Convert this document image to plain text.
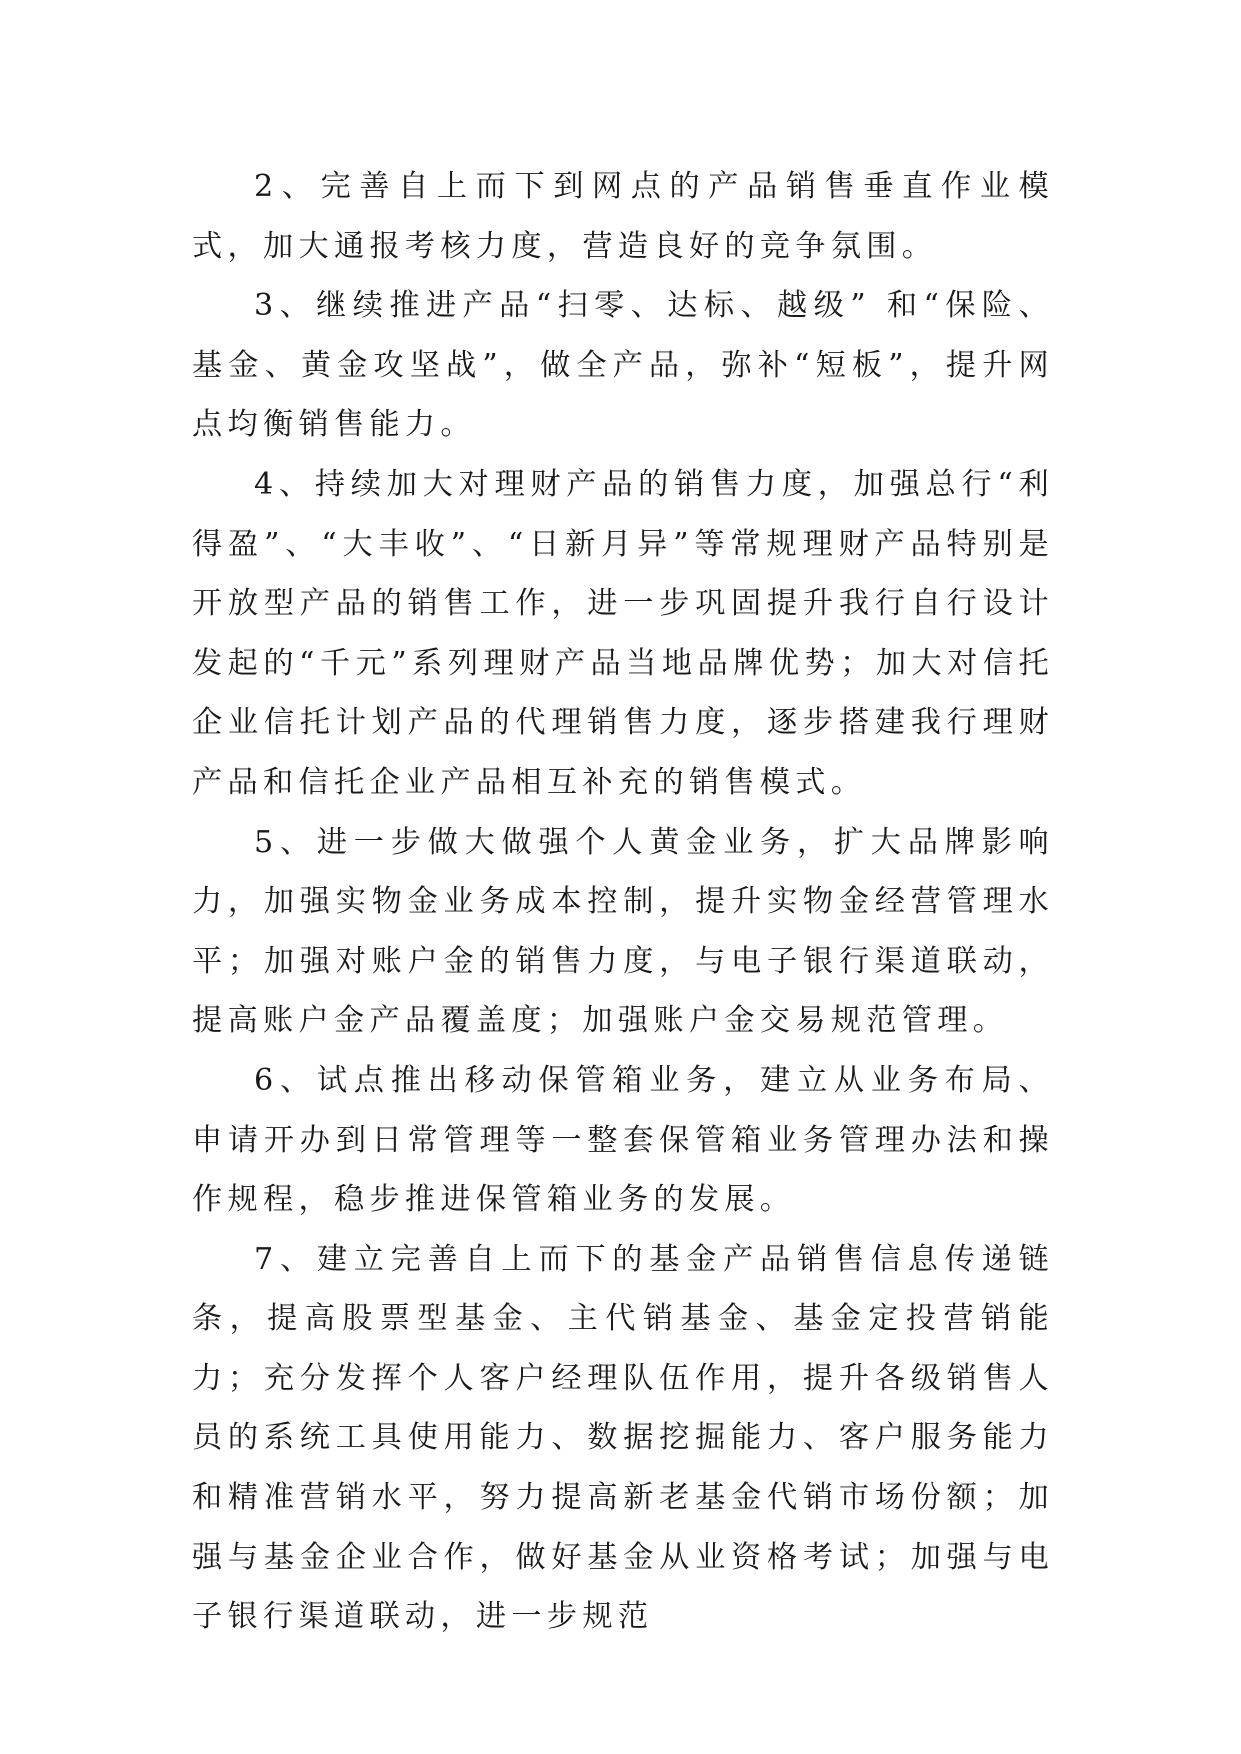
2、完善自上而下到网点的产品销售垂直作业模式，加大通报考核力度，营造良好的竞争氛围。

3、继续推进产品“扫零、达标、越级” 和“保险、基金、黄金攻坚战”，做全产品，弥补“短板”，提升网点均衡销售能力。

4、持续加大对理财产品的销售力度，加强总行“利得盈”、“大丰收”、“日新月异”等常规理财产品特别是开放型产品的销售工作，进一步巩固提升我行自行设计发起的“千元”系列理财产品当地品牌优势；加大对信托企业信托计划产品的代理销售力度，逐步搭建我行理财产品和信托企业产品相互补充的销售模式。

5、进一步做大做强个人黄金业务，扩大品牌影响力，加强实物金业务成本控制，提升实物金经营管理水平；加强对账户金的销售力度，与电子银行渠道联动，提高账户金产品覆盖度；加强账户金交易规范管理。

6、试点推出移动保管箱业务，建立从业务布局、申请开办到日常管理等一整套保管箱业务管理办法和操作规程，稳步推进保管箱业务的发展。

7、建立完善自上而下的基金产品销售信息传递链条，提高股票型基金、主代销基金、基金定投营销能力；充分发挥个人客户经理队伍作用，提升各级销售人员的系统工具使用能力、数据挖掘能力、客户服务能力和精准营销水平，努力提高新老基金代销市场份额；加强与基金企业合作，做好基金从业资格考试；加强与电子银行渠道联动，进一步规范
